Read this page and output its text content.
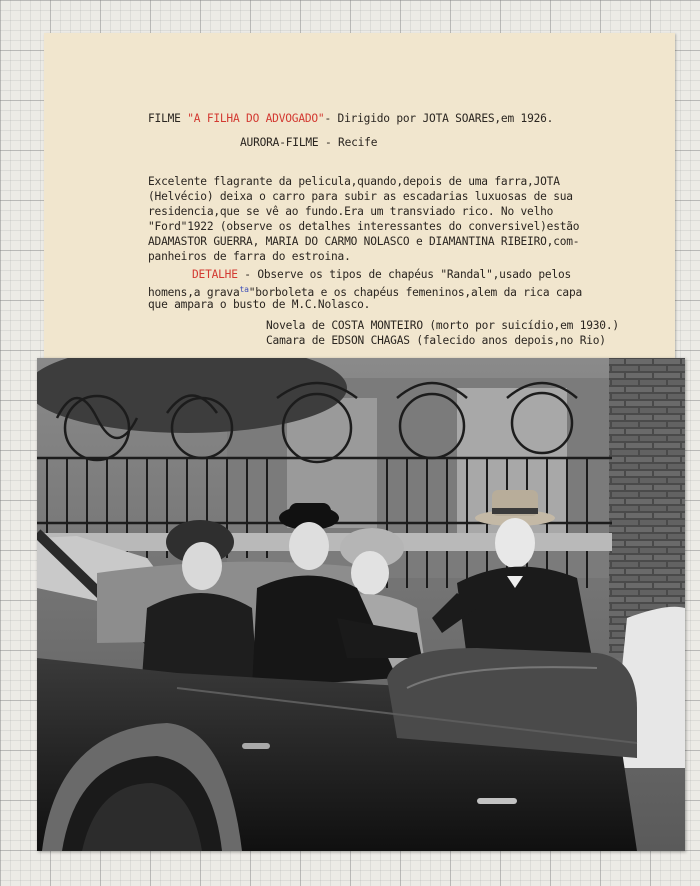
FILME "A FILHA DO ADVOGADO"- Dirigido por JOTA SOARES,em 1926.
AURORA-FILME - Recife
Excelente flagrante da pelicula,quando,depois de uma farra,JOTA
(Helvécio) deixa o carro para subir as escadarias luxuosas de sua
residencia,que se vê ao fundo.Era um transviado rico. No velho
"Ford"1922 (observe os detalhes interessantes do conversivel)estão
ADAMASTOR GUERRA, MARIA DO CARMO NOLASCO e DIAMANTINA RIBEIRO,com-
panheiros de farra do estroina.
DETALHE - Observe os tipos de chapéus "Randal",usado pelos
homens,a grava$^{ta}$"borboleta e os chapéus femeninos,alem da rica capa
que ampara o busto de M.C.Nolasco.
Novela de COSTA MONTEIRO (morto por suicídio,em 1930.)
Camara de EDSON CHAGAS (falecido anos depois,no Rio)
